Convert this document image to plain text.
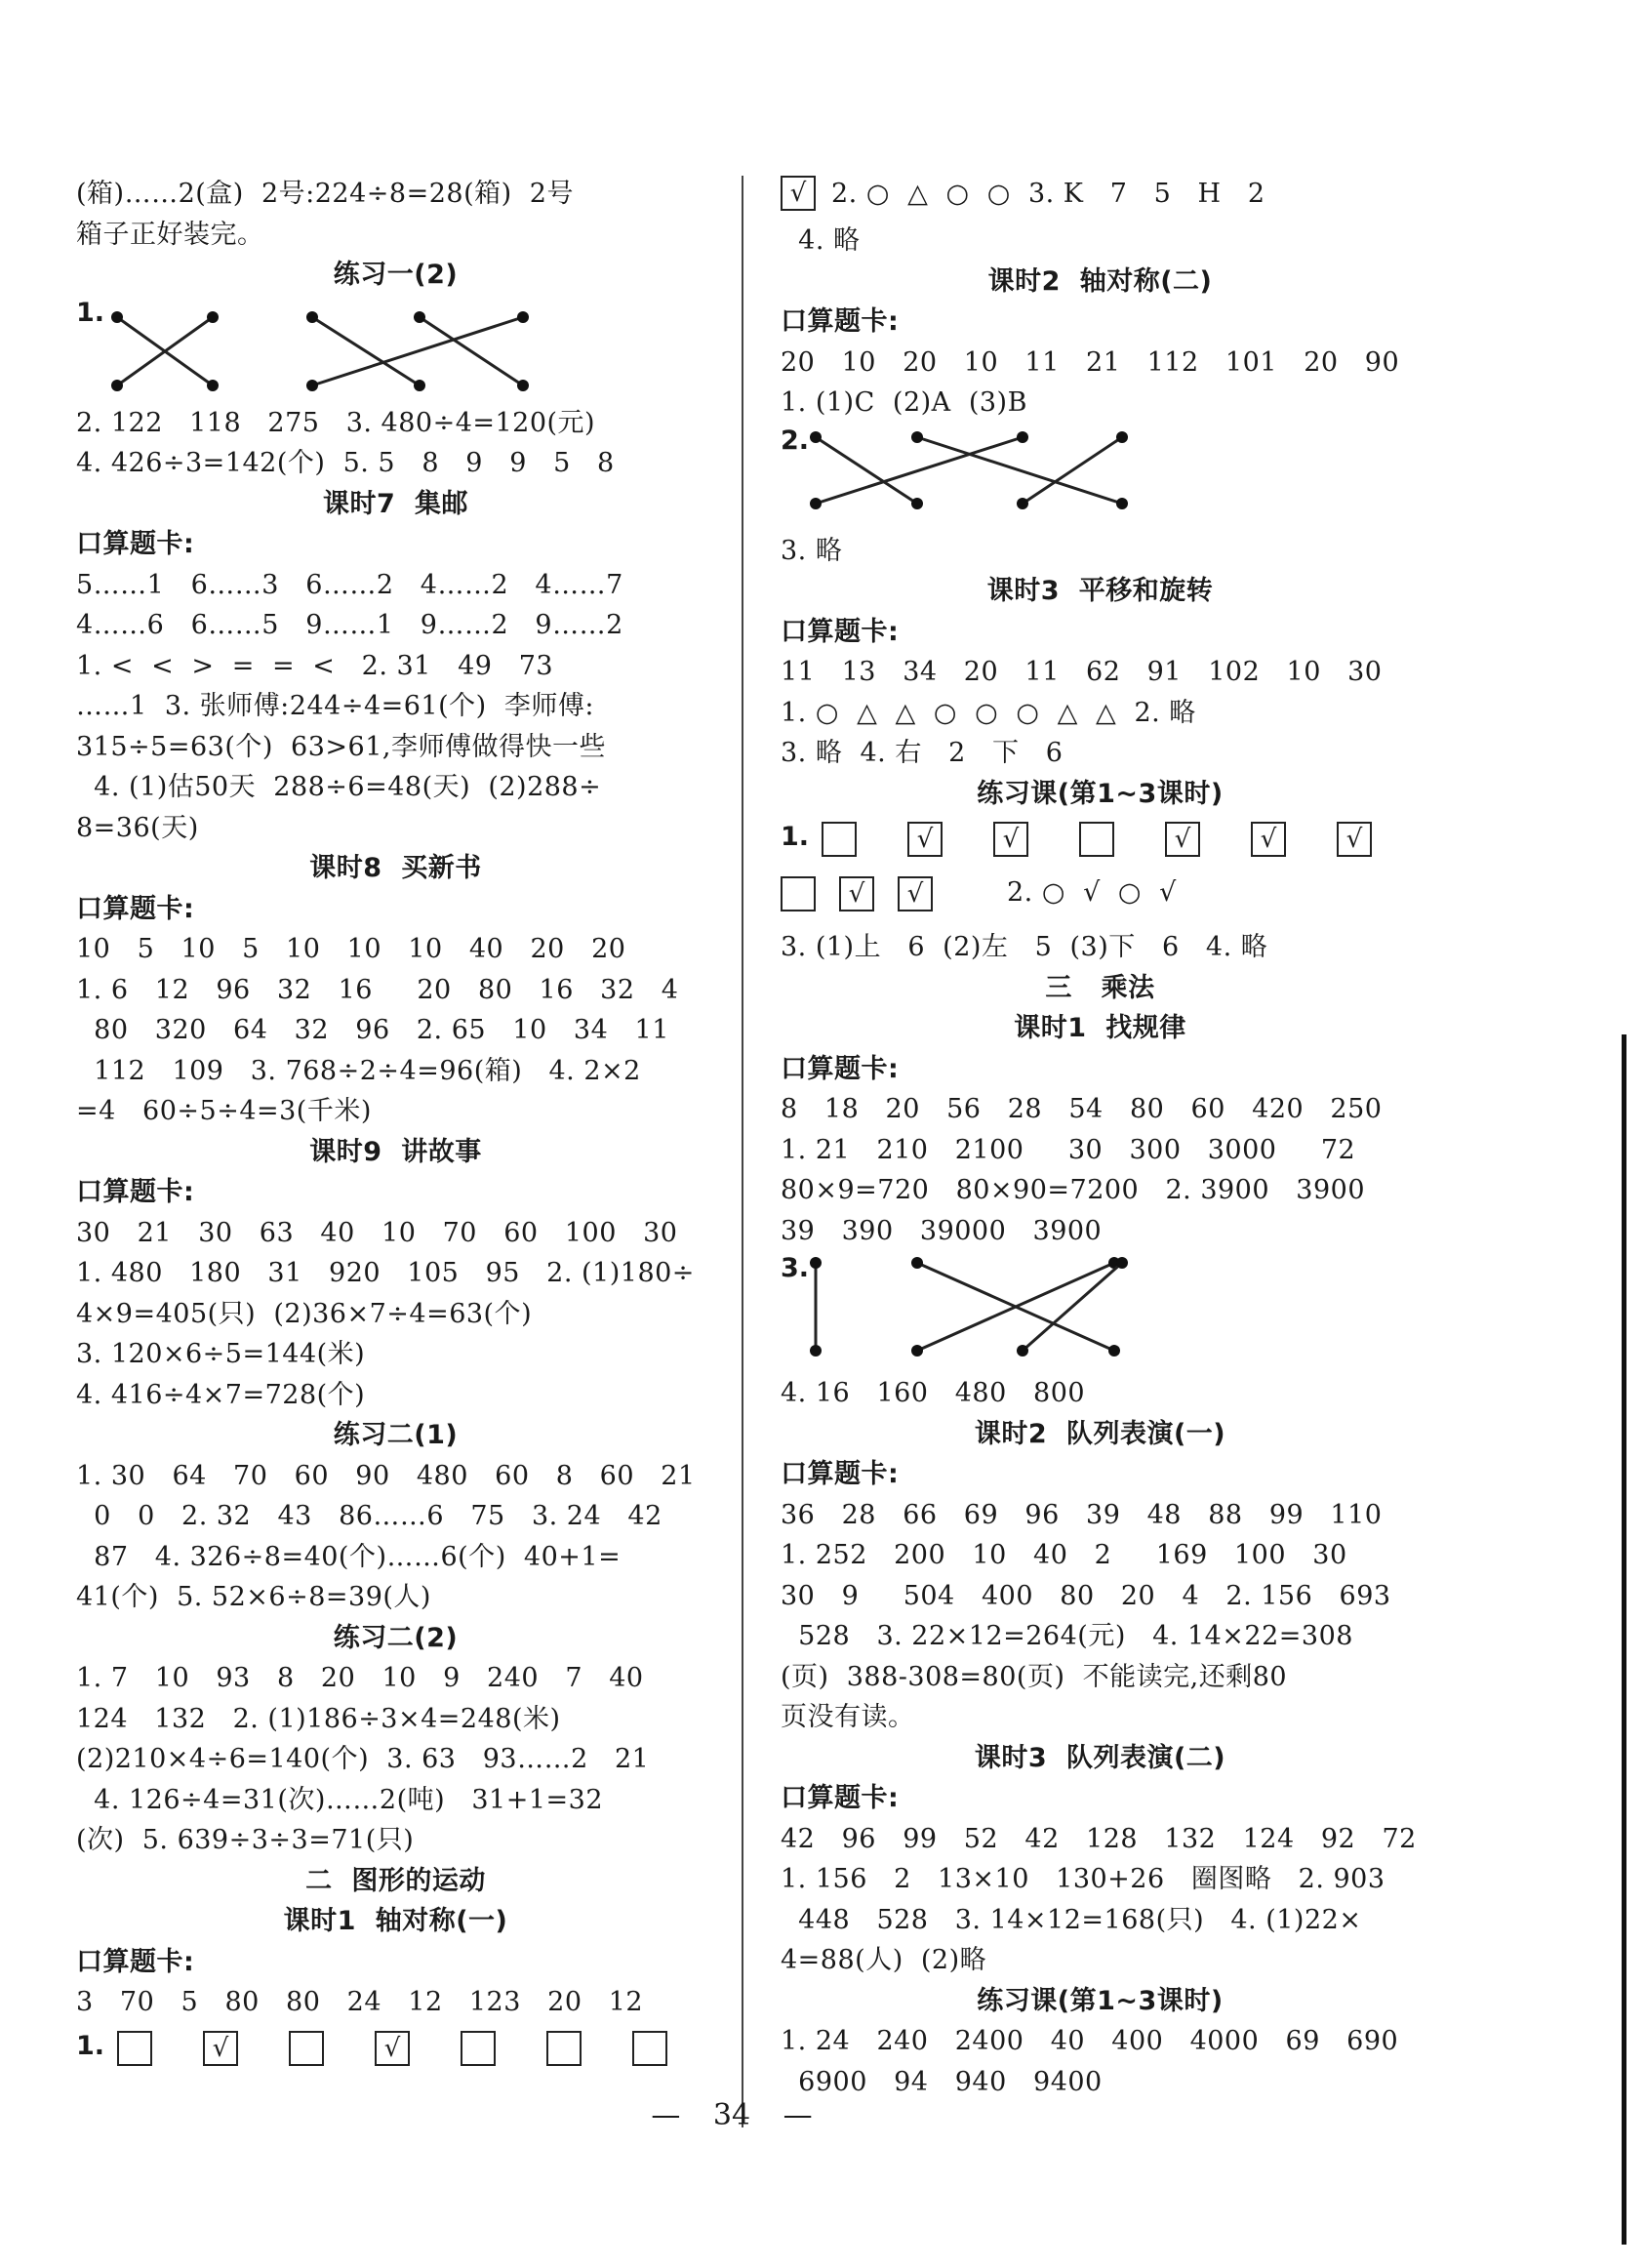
(箱)……2(盒)  2号:224÷8=28(箱)  2号
箱子正好装完。
练习一(2)
1.
2. 122   118   275   3. 480÷4=120(元)
4. 426÷3=142(个)  5. 5   8   9   9   5   8
课时7  集邮
口算题卡:
5……1   6……3   6……2   4……2   4……7
4……6   6……5   9……1   9……2   9……2
1. <  <  >  =  =  <   2. 31   49   73
……1  3. 张师傅:244÷4=61(个)  李师傅:
315÷5=63(个)  63>61,李师傅做得快一些
4. (1)估50天  288÷6=48(天)  (2)288÷
8=36(天)
课时8  买新书
口算题卡:
10   5   10   5   10   10   10   40   20   20
1. 6   12   96   32   16     20   80   16   32   4
80   320   64   32   96   2. 65   10   34   11
112   109   3. 768÷2÷4=96(箱)   4. 2×2
=4   60÷5÷4=3(千米)
课时9  讲故事
口算题卡:
30   21   30   63   40   10   70   60   100   30
1. 480   180   31   920   105   95   2. (1)180÷
4×9=405(只)  (2)36×7÷4=63(个)
3. 120×6÷5=144(米)
4. 416÷4×7=728(个)
练习二(1)
1. 30   64   70   60   90   480   60   8   60   21
0   0   2. 32   43   86……6   75   3. 24   42
87   4. 326÷8=40(个)……6(个)  40+1=
41(个)  5. 52×6÷8=39(人)
练习二(2)
1. 7   10   93   8   20   10   9   240   7   40
124   132   2. (1)186÷3×4=248(米)
(2)210×4÷6=140(个)  3. 63   93……2   21
4. 126÷4=31(次)……2(吨)   31+1=32
(次)  5. 639÷3÷3=71(只)
二  图形的运动
课时1  轴对称(一)
口算题卡:
3   70   5   80   80   24   12   123   20   12
1.	√	√
√ 2. ○  △  ○  ○  3. K   7   5   H   2
4. 略
课时2  轴对称(二)
口算题卡:
20   10   20   10   11   21   112   101   20   90
1. (1)C  (2)A  (3)B
2.
3. 略
课时3  平移和旋转
口算题卡:
11   13   34   20   11   62   91   102   10   30
1. ○  △  △  ○  ○  ○  △  △  2. 略
3. 略  4. 右   2   下   6
练习课(第1~3课时)
1.	√	√	√	√	√
√ √	2. ○  √  ○  √
3. (1)上   6  (2)左   5  (3)下   6   4. 略
三   乘法
课时1  找规律
口算题卡:
8   18   20   56   28   54   80   60   420   250
1. 21   210   2100     30   300   3000     72
80×9=720   80×90=7200   2. 3900   3900
39   390   39000   3900
3.
4. 16   160   480   800
课时2  队列表演(一)
口算题卡:
36   28   66   69   96   39   48   88   99   110
1. 252   200   10   40   2     169   100   30
30   9     504   400   80   20   4   2. 156   693
528   3. 22×12=264(元)   4. 14×22=308
(页)  388-308=80(页)  不能读完,还剩80
页没有读。
课时3  队列表演(二)
口算题卡:
42   96   99   52   42   128   132   124   92   72
1. 156   2   13×10   130+26   圈图略   2. 903
448   528   3. 14×12=168(只)   4. (1)22×
4=88(人)  (2)略
练习课(第1~3课时)
1. 24   240   2400   40   400   4000   69   690
6900   94   940   9400
— 34 —
